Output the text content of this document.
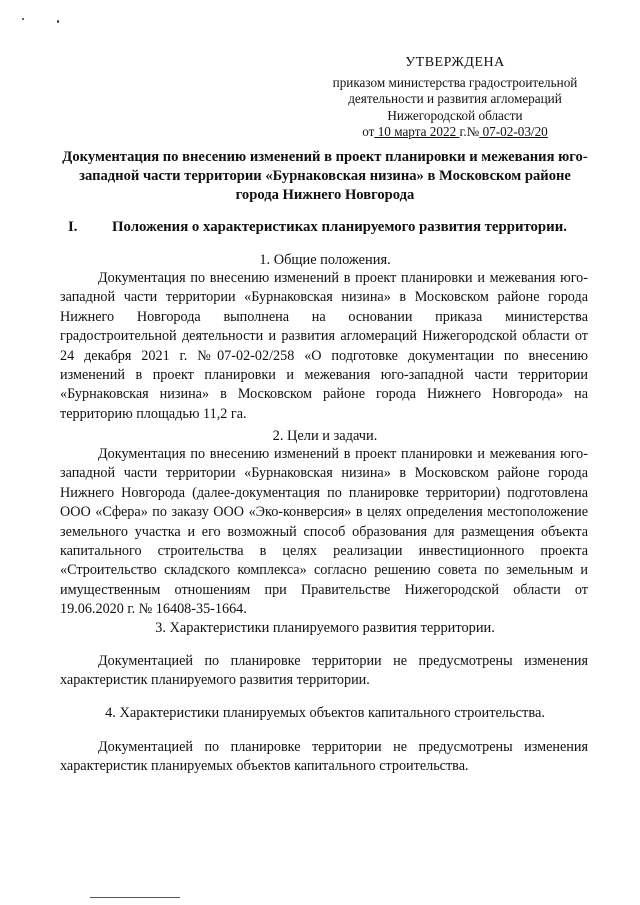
УТВЕРЖДЕНА
приказом министерства градостроительной
деятельности и развития агломераций
Нижегородской области
от 10 марта 2022 г.№ 07-02-03/20
Документация по внесению изменений в проект планировки и межевания юго-западной части территории «Бурнаковская низина» в Московском районе города Нижнего Новгорода
I. Положения о характеристиках планируемого развития территории.
1. Общие положения.
Документация по внесению изменений в проект планировки и межевания юго-западной части территории «Бурнаковская низина» в Московском районе города Нижнего Новгорода выполнена на основании приказа министерства градостроительной деятельности и развития агломераций Нижегородской области от 24 декабря 2021 г. №07-02-02/258 «О подготовке документации по внесению изменений в проект планировки и межевания юго-западной части территории «Бурнаковская низина» в Московском районе города Нижнего Новгорода» на территорию площадью 11,2 га.
2. Цели и задачи.
Документация по внесению изменений в проект планировки и межевания юго-западной части территории «Бурнаковская низина» в Московском районе города Нижнего Новгорода (далее-документация по планировке территории) подготовлена ООО «Сфера» по заказу ООО «Эко-конверсия» в целях определения местоположение земельного участка и его возможный способ образования для размещения объекта капитального строительства в целях реализации инвестиционного проекта «Строительство складского комплекса» согласно решению совета по земельным и имущественным отношениям при Правительстве Нижегородской области от 19.06.2020 г. № 16408-35-1664.
3. Характеристики планируемого развития территории.
Документацией по планировке территории не предусмотрены изменения характеристик планируемого развития территории.
4. Характеристики планируемых объектов капитального строительства.
Документацией по планировке территории не предусмотрены изменения характеристик планируемых объектов капитального строительства.
